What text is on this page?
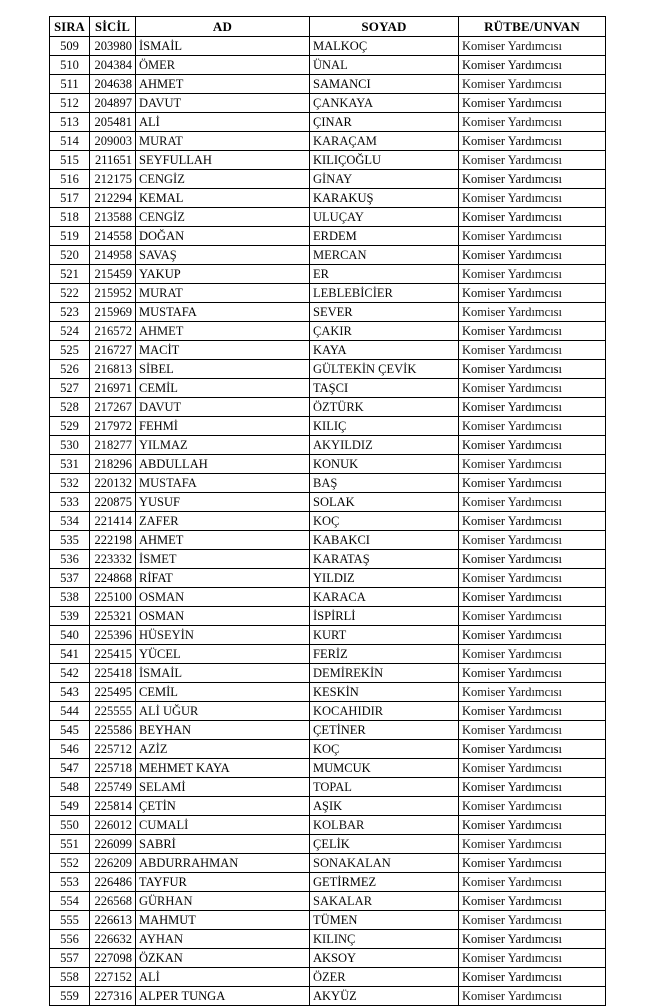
SIRA	SİCİL	AD	SOYAD	RÜTBE/UNVAN
509	203980	İSMAİL	MALKOÇ	Komiser Yardımcısı
510	204384	ÖMER	ÜNAL	Komiser Yardımcısı
511	204638	AHMET	SAMANCI	Komiser Yardımcısı
512	204897	DAVUT	ÇANKAYA	Komiser Yardımcısı
513	205481	ALİ	ÇINAR	Komiser Yardımcısı
514	209003	MURAT	KARAÇAM	Komiser Yardımcısı
515	211651	SEYFULLAH	KILIÇOĞLU	Komiser Yardımcısı
516	212175	CENGİZ	GİNAY	Komiser Yardımcısı
517	212294	KEMAL	KARAKUŞ	Komiser Yardımcısı
518	213588	CENGİZ	ULUÇAY	Komiser Yardımcısı
519	214558	DOĞAN	ERDEM	Komiser Yardımcısı
520	214958	SAVAŞ	MERCAN	Komiser Yardımcısı
521	215459	YAKUP	ER	Komiser Yardımcısı
522	215952	MURAT	LEBLEBİCİER	Komiser Yardımcısı
523	215969	MUSTAFA	SEVER	Komiser Yardımcısı
524	216572	AHMET	ÇAKIR	Komiser Yardımcısı
525	216727	MACİT	KAYA	Komiser Yardımcısı
526	216813	SİBEL	GÜLTEKİN ÇEVİK	Komiser Yardımcısı
527	216971	CEMİL	TAŞCI	Komiser Yardımcısı
528	217267	DAVUT	ÖZTÜRK	Komiser Yardımcısı
529	217972	FEHMİ	KILIÇ	Komiser Yardımcısı
530	218277	YILMAZ	AKYILDIZ	Komiser Yardımcısı
531	218296	ABDULLAH	KONUK	Komiser Yardımcısı
532	220132	MUSTAFA	BAŞ	Komiser Yardımcısı
533	220875	YUSUF	SOLAK	Komiser Yardımcısı
534	221414	ZAFER	KOÇ	Komiser Yardımcısı
535	222198	AHMET	KABAKCI	Komiser Yardımcısı
536	223332	İSMET	KARATAŞ	Komiser Yardımcısı
537	224868	RİFAT	YILDIZ	Komiser Yardımcısı
538	225100	OSMAN	KARACA	Komiser Yardımcısı
539	225321	OSMAN	İSPİRLİ	Komiser Yardımcısı
540	225396	HÜSEYİN	KURT	Komiser Yardımcısı
541	225415	YÜCEL	FERİZ	Komiser Yardımcısı
542	225418	İSMAİL	DEMİREKİN	Komiser Yardımcısı
543	225495	CEMİL	KESKİN	Komiser Yardımcısı
544	225555	ALİ UĞUR	KOCAHIDIR	Komiser Yardımcısı
545	225586	BEYHAN	ÇETİNER	Komiser Yardımcısı
546	225712	AZİZ	KOÇ	Komiser Yardımcısı
547	225718	MEHMET KAYA	MUMCUK	Komiser Yardımcısı
548	225749	SELAMİ	TOPAL	Komiser Yardımcısı
549	225814	ÇETİN	AŞIK	Komiser Yardımcısı
550	226012	CUMALİ	KOLBAR	Komiser Yardımcısı
551	226099	SABRİ	ÇELİK	Komiser Yardımcısı
552	226209	ABDURRAHMAN	SONAKALAN	Komiser Yardımcısı
553	226486	TAYFUR	GETİRMEZ	Komiser Yardımcısı
554	226568	GÜRHAN	SAKALAR	Komiser Yardımcısı
555	226613	MAHMUT	TÜMEN	Komiser Yardımcısı
556	226632	AYHAN	KILINÇ	Komiser Yardımcısı
557	227098	ÖZKAN	AKSOY	Komiser Yardımcısı
558	227152	ALİ	ÖZER	Komiser Yardımcısı
559	227316	ALPER TUNGA	AKYÜZ	Komiser Yardımcısı
